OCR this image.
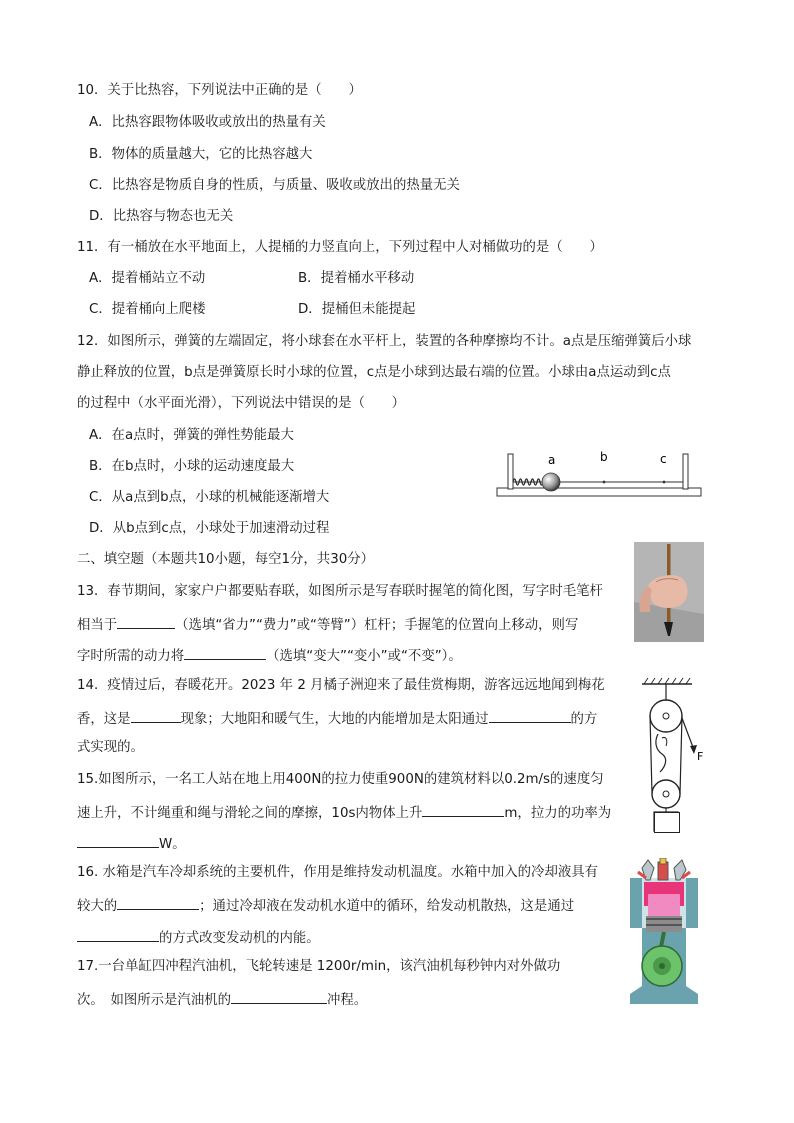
10．关于比热容，下列说法中正确的是（　　）
A．比热容跟物体吸收或放出的热量有关
B．物体的质量越大，它的比热容越大
C．比热容是物质自身的性质，与质量、吸收或放出的热量无关
D．比热容与物态也无关
11．有一桶放在水平地面上，人提桶的力竖直向上，下列过程中人对桶做功的是（　　）
A．提着桶站立不动	B．提着桶水平移动
C．提着桶向上爬楼	D．提桶但未能提起
12．如图所示，弹簧的左端固定，将小球套在水平杆上，装置的各种摩擦均不计。a点是压缩弹簧后小球
静止释放的位置，b点是弹簧原长时小球的位置，c点是小球到达最右端的位置。小球由a点运动到c点
的过程中（水平面光滑），下列说法中错误的是（　　）
A．在a点时，弹簧的弹性势能最大
B．在b点时，小球的运动速度最大
C．从a点到b点，小球的机械能逐渐增大
D．从b点到c点，小球处于加速滑动过程
a	b	c
二、填空题（本题共10小题，每空1分，共30分）
13．春节期间，家家户户都要贴春联，如图所示是写春联时握笔的简化图，写字时毛笔杆
相当于	（选填“省力”“费力”或“等臂”）杠杆；手握笔的位置向上移动，则写
字时所需的动力将	（选填“变大”“变小”或“不变”）。
14．疫情过后，春暖花开。2023 年 2 月橘子洲迎来了最佳赏梅期，游客远远地闻到梅花
香，这是	现象；大地阳和暖气生，大地的内能增加是太阳通过	的方
式实现的。
F
15.如图所示，一名工人站在地上用400N的拉力使重900N的建筑材料以0.2m/s的速度匀
速上升，不计绳重和绳与滑轮之间的摩擦，10s内物体上升	m，拉力的功率为
W。
16. 水箱是汽车冷却系统的主要机件，作用是维持发动机温度。水箱中加入的冷却液具有
较大的	；通过冷却液在发动机水道中的循环，给发动机散热，这是通过
的方式改变发动机的内能。
17.一台单缸四冲程汽油机，飞轮转速是 1200r/min，该汽油机每秒钟内对外做功
次。　如图所示是汽油机的	冲程。
